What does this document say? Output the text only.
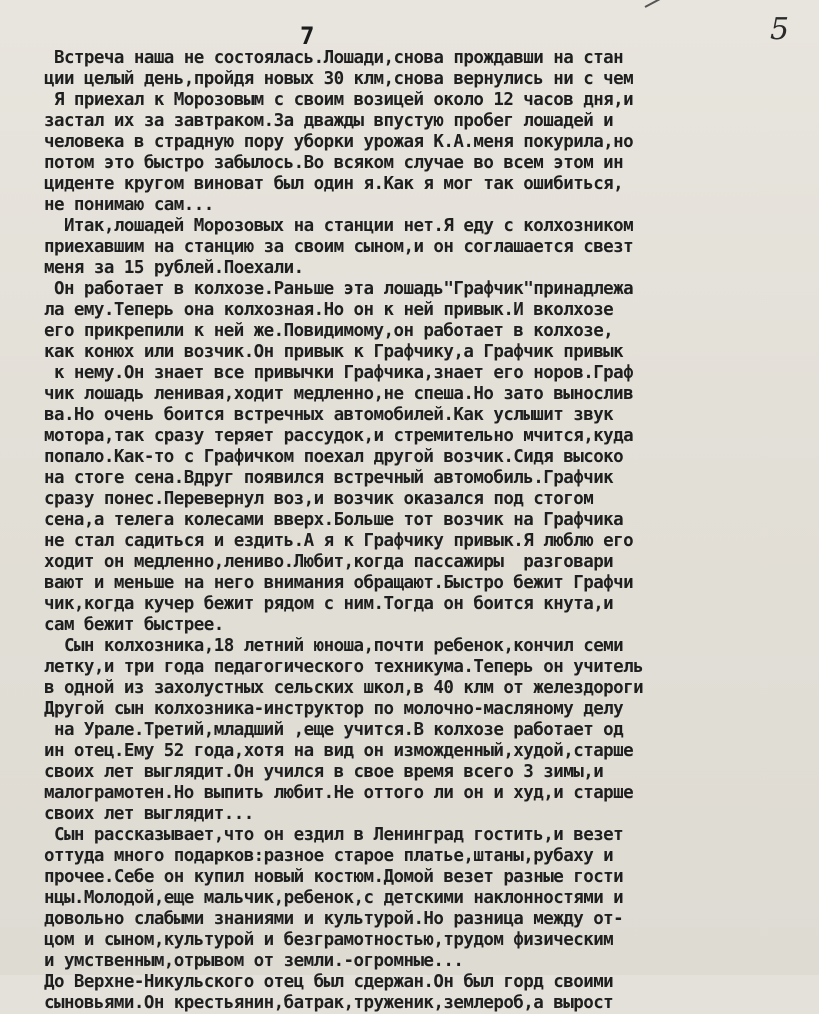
7	5
Встреча наша не состоялась.Лошади,снова прождавши на стан
ции целый день,пройдя новых 30 клм,снова вернулись ни с чем
Я приехал к Морозовым с своим возицей около 12 часов дня,и
застал их за завтраком.За дважды впустую пробег лошадей и
человека в страдную пору уборки урожая К.А.меня покурила,но
потом это быстро забылось.Во всяком случае во всем этом ин
циденте кругом виноват был один я.Как я мог так ошибиться,
не понимаю сам...
Итак,лошадей Морозовых на станции нет.Я еду с колхозником
приехавшим на станцию за своим сыном,и он соглашается свезт
меня за 15 рублей.Поехали.
Он работает в колхозе.Раньше эта лошадь"Графчик"принадлежа
ла ему.Теперь она колхозная.Но он к ней привык.И вколхозе
его прикрепили к ней же.Повидимому,он работает в колхозе,
как конюх или возчик.Он привык к Графчику,а Графчик привык
к нему.Он знает все привычки Графчика,знает его норов.Граф
чик лошадь ленивая,ходит медленно,не спеша.Но зато вынослив
ва.Но очень боится встречных автомобилей.Как услышит звук
мотора,так сразу теряет рассудок,и стремительно мчится,куда
попало.Как-то с Графичком поехал другой возчик.Сидя высоко
на стоге сена.Вдруг появился встречный автомобиль.Графчик
сразу понес.Перевернул воз,и возчик оказался под стогом
сена,а телега колесами вверх.Больше тот возчик на Графчика
не стал садиться и ездить.А я к Графчику привык.Я люблю его
ходит он медленно,лениво.Любит,когда пассажиры  разговари
вают и меньше на него внимания обращают.Быстро бежит Графчи
чик,когда кучер бежит рядом с ним.Тогда он боится кнута,и
сам бежит быстрее.
Сын колхозника,18 летний юноша,почти ребенок,кончил семи
летку,и три года педагогического техникума.Теперь он учитель
в одной из захолустных сельских школ,в 40 клм от желездороги
Другой сын колхозника-инструктор по молочно-масляному делу
на Урале.Третий,младший ,еще учится.В колхозе работает од
ин отец.Ему 52 года,хотя на вид он изможденный,худой,старше
своих лет выглядит.Он учился в свое время всего 3 зимы,и
малограмотен.Но выпить любит.Не оттого ли он и худ,и старше
своих лет выглядит...
Сын рассказывает,что он ездил в Ленинград гостить,и везет
оттуда много подарков:разное старое платье,штаны,рубаху и
прочее.Себе он купил новый костюм.Домой везет разные гости
нцы.Молодой,еще мальчик,ребенок,с детскими наклонностями и
довольно слабыми знаниями и культурой.Но разница между от-
цом и сыном,культурой и безграмотностью,трудом физическим
и умственным,отрывом от земли.-огромные...
До Верхне-Никульского отец был сдержан.Он был горд своими
сыновьями.Он крестьянин,батрак,труженик,землероб,а вырост
